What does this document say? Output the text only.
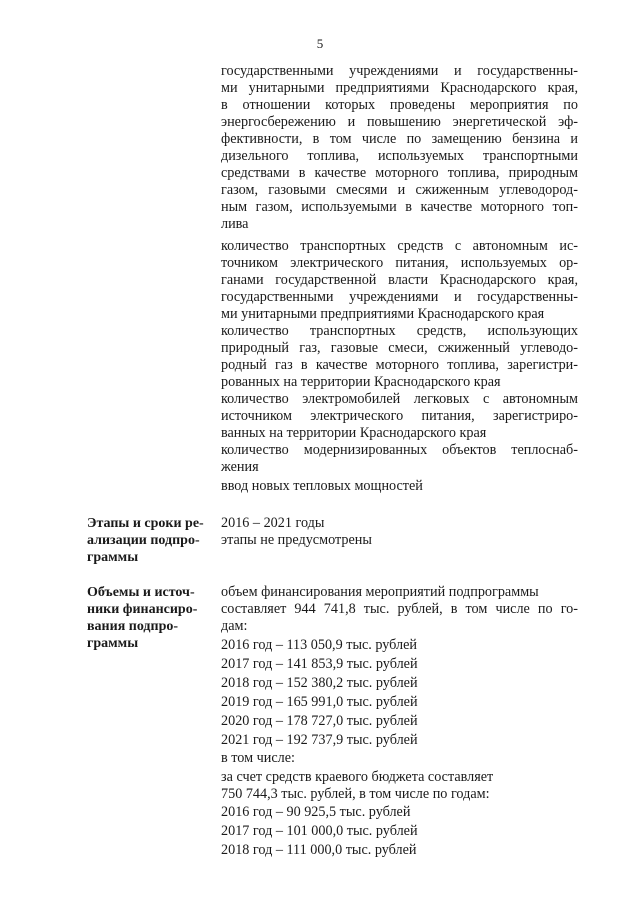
5
государственными учреждениями и государственны-
ми унитарными предприятиями Краснодарского края,
в отношении которых проведены мероприятия по
энергосбережению и повышению энергетической эф-
фективности, в том числе по замещению бензина и
дизельного топлива, используемых транспортными
средствами в качестве моторного топлива, природным
газом, газовыми смесями и сжиженным углеводород-
ным газом, используемыми в качестве моторного топ-
лива
количество транспортных средств с автономным ис-
точником электрического питания, используемых ор-
ганами государственной власти Краснодарского края,
государственными учреждениями и государственны-
ми унитарными предприятиями Краснодарского края
количество транспортных средств, использующих
природный газ, газовые смеси, сжиженный углеводо-
родный газ в качестве моторного топлива, зарегистри-
рованных на территории Краснодарского края
количество электромобилей легковых с автономным
источником электрического питания, зарегистриро-
ванных на территории Краснодарского края
количество модернизированных объектов теплоснаб-
жения
ввод новых тепловых мощностей
Этапы и сроки ре-
ализации подпро-
граммы
2016 – 2021 годы
этапы не предусмотрены
Объемы и источ-
ники финансиро-
вания подпро-
граммы
объем финансирования мероприятий подпрограммы
составляет 944 741,8 тыс. рублей, в том числе по го-
дам:
2016 год – 113 050,9 тыс. рублей
2017 год – 141 853,9 тыс. рублей
2018 год – 152 380,2 тыс. рублей
2019 год – 165 991,0 тыс. рублей
2020 год – 178 727,0 тыс. рублей
2021 год – 192 737,9 тыс. рублей
в том числе:
за счет средств краевого бюджета составляет
750 744,3 тыс. рублей, в том числе по годам:
2016 год – 90 925,5 тыс. рублей
2017 год – 101 000,0 тыс. рублей
2018 год – 111 000,0 тыс. рублей
